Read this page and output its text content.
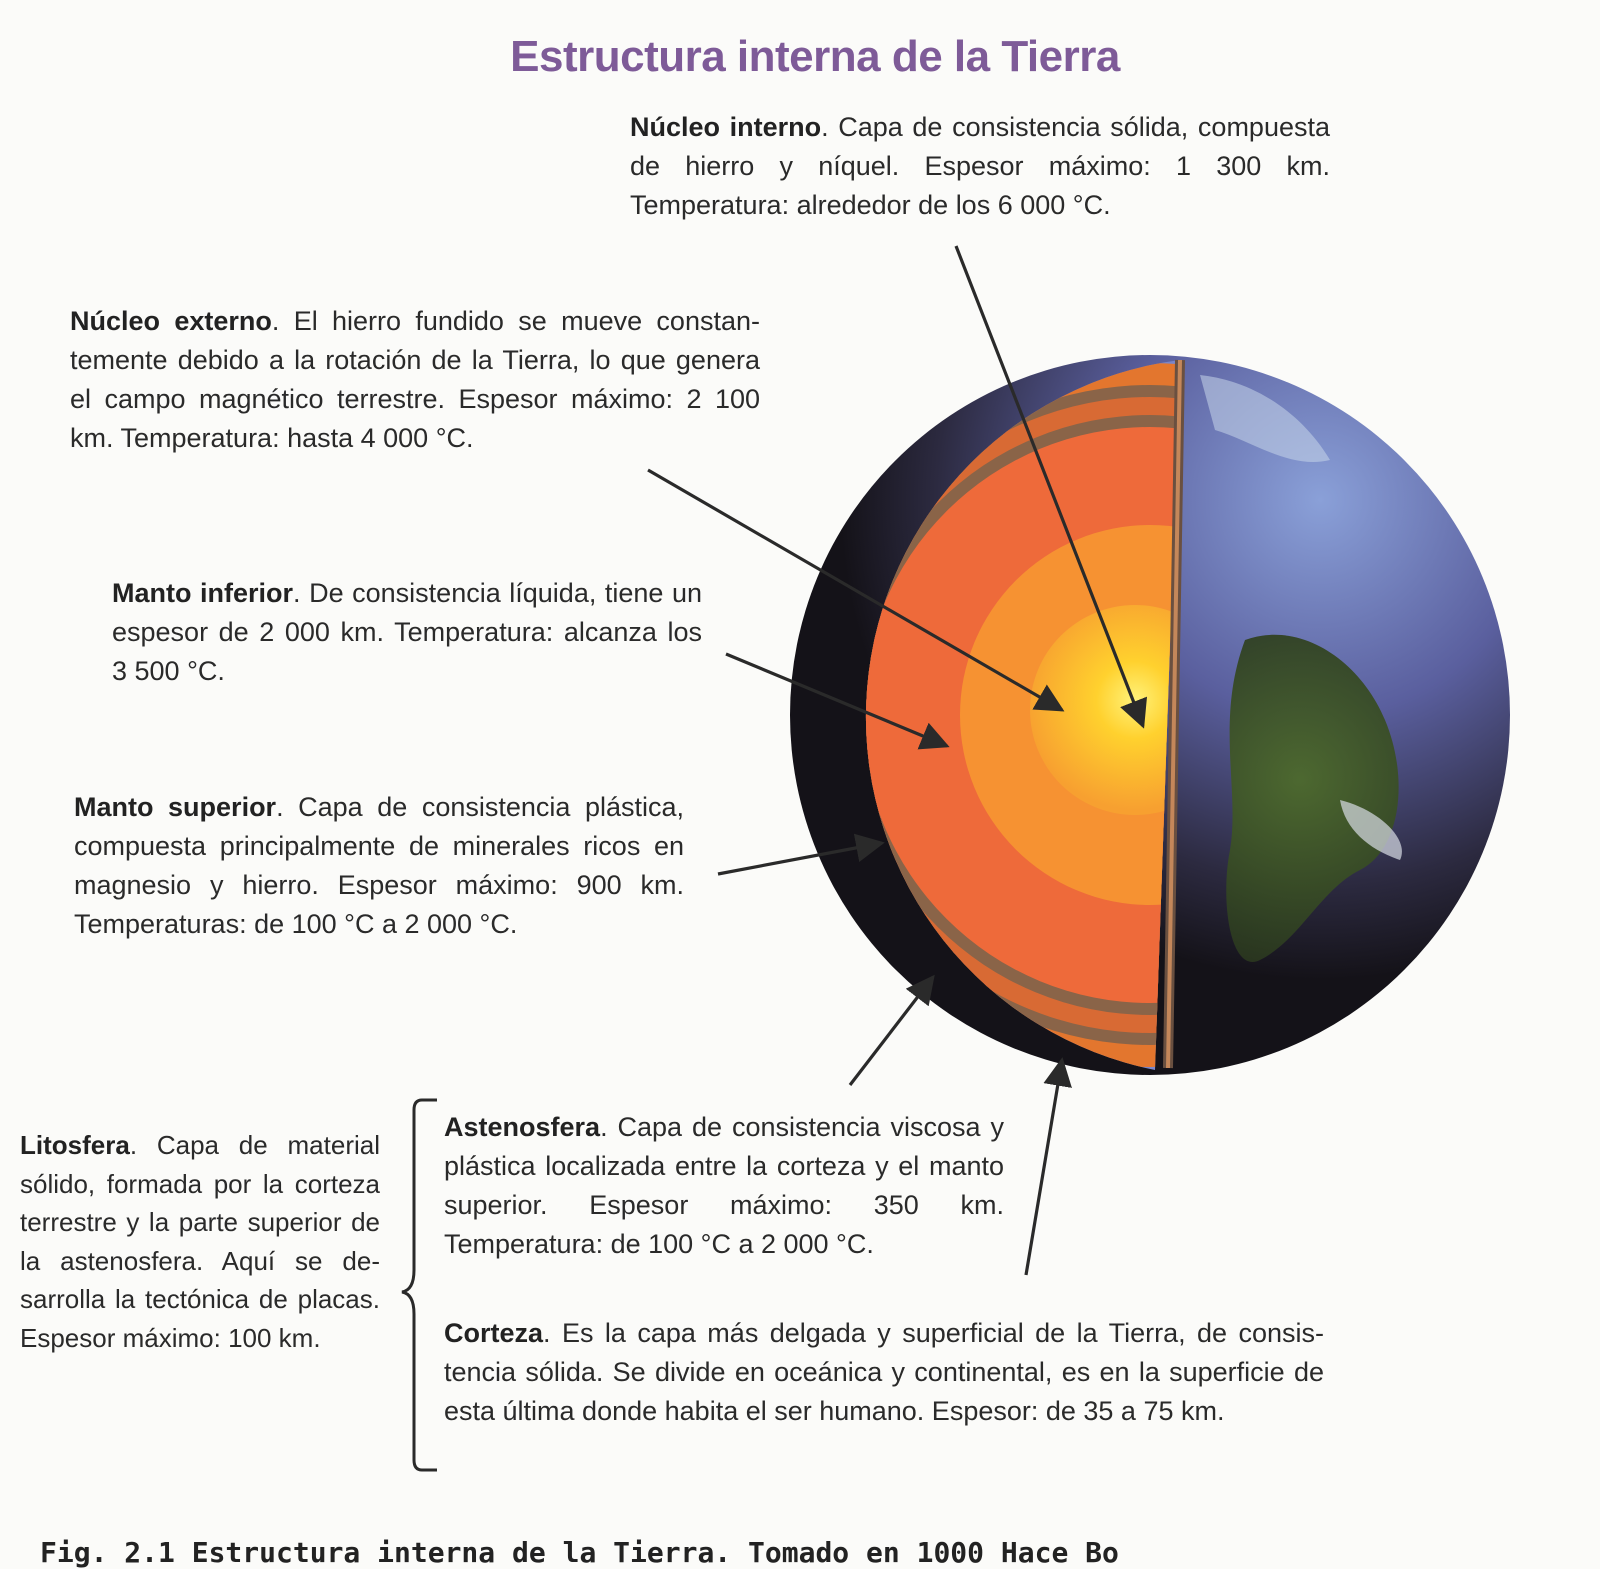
Estructura interna de la Tierra
Núcleo interno. Capa de consistencia sólida, compuesta de hierro y níquel. Espesor máximo: 1 300 km. Temperatura: alrededor de los 6 000 °C.
Núcleo externo. El hierro fundido se mueve constantemente debido a la rotación de la Tierra, lo que genera el campo magnético terrestre. Espesor máximo: 2 100 km. Temperatura: hasta 4 000 °C.
Manto inferior. De consistencia líquida, tiene un espesor de 2 000 km. Temperatura: alcanza los 3 500 °C.
Manto superior. Capa de consistencia plástica, compuesta principalmente de minerales ricos en magnesio y hierro. Espesor máximo: 900 km. Temperaturas: de 100 °C a 2 000 °C.
Litosfera. Capa de material sólido, formada por la corteza terrestre y la parte superior de la astenosfera. Aquí se desarrolla la tectónica de placas. Espesor máximo: 100 km.
Astenosfera. Capa de consistencia viscosa y plástica localizada entre la corteza y el manto superior. Espesor máximo: 350 km. Temperatura: de 100 °C a 2 000 °C.
Corteza. Es la capa más delgada y superficial de la Tierra, de consistencia sólida. Se divide en oceánica y continental, es en la superficie de esta última donde habita el ser humano. Espesor: de 35 a 75 km.
Fig. 2.1 Estructura interna de la Tierra. Tomado en 1000 Hace Bo
